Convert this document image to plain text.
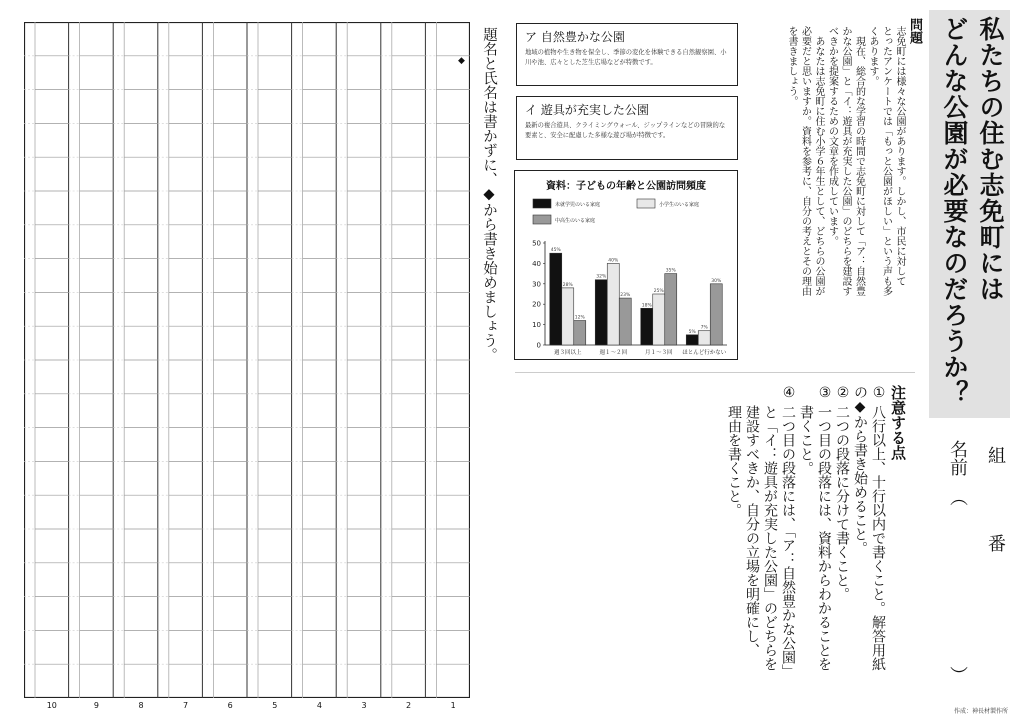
私たちの住む志免町には
どんな公園が必要なのだろうか？
組
番
名前
（
）
問題
志免町には様々な公園があります。しかし、市民に対して
とったアンケートでは「もっと公園がほしい」という声も多
くあります。
　現在、総合的な学習の時間で志免町に対して「ア：自然豊
かな公園」と「イ：遊具が充実した公園」のどちらを建設す
べきかを提案するための文章を作成しています。
　あなたは志免町に住む小学６年生として、どちらの公園が
必要だと思いますか。資料を参考に、自分の考えとその理由
を書きましょう。
ア 自然豊かな公園
地域の植物や生き物を保全し、季節の変化を体験できる自然観察園、小川や池、広々とした芝生広場などが特徴です。
イ 遊具が充実した公園
最新の複合遊具、クライミングウォール、ジップラインなどの冒険的な要素と、安全に配慮した多様な遊び場が特徴です。
資料：子どもの年齢と公園訪問頻度
未就学児のいる家庭	小学生のいる家庭
中高生のいる家庭
0
10
20
30
40
50
45%
28%
12%
週３回以上
32%
40%
23%
週１〜２回
18%
25%
35%
月１〜３回
5%
7%
30%
ほとんど行かない
注意する点
①
八行以上、十行以内で書くこと。解答用紙
の◆から書き始めること。
②
二つの段落に分けて書くこと。
③
一つ目の段落には、資料からわかることを
書くこと。
④
二つ目の段落には、「ア：自然豊かな公園」
と「イ：遊具が充実した公園」のどちらを
建設すべきか、自分の立場を明確にし、
理由を書くこと。
題名と氏名は書かずに、◆から書き始めましょう。
◆
10	9	8	7	6	5	4	3	2	1
作成：神長材製作所
